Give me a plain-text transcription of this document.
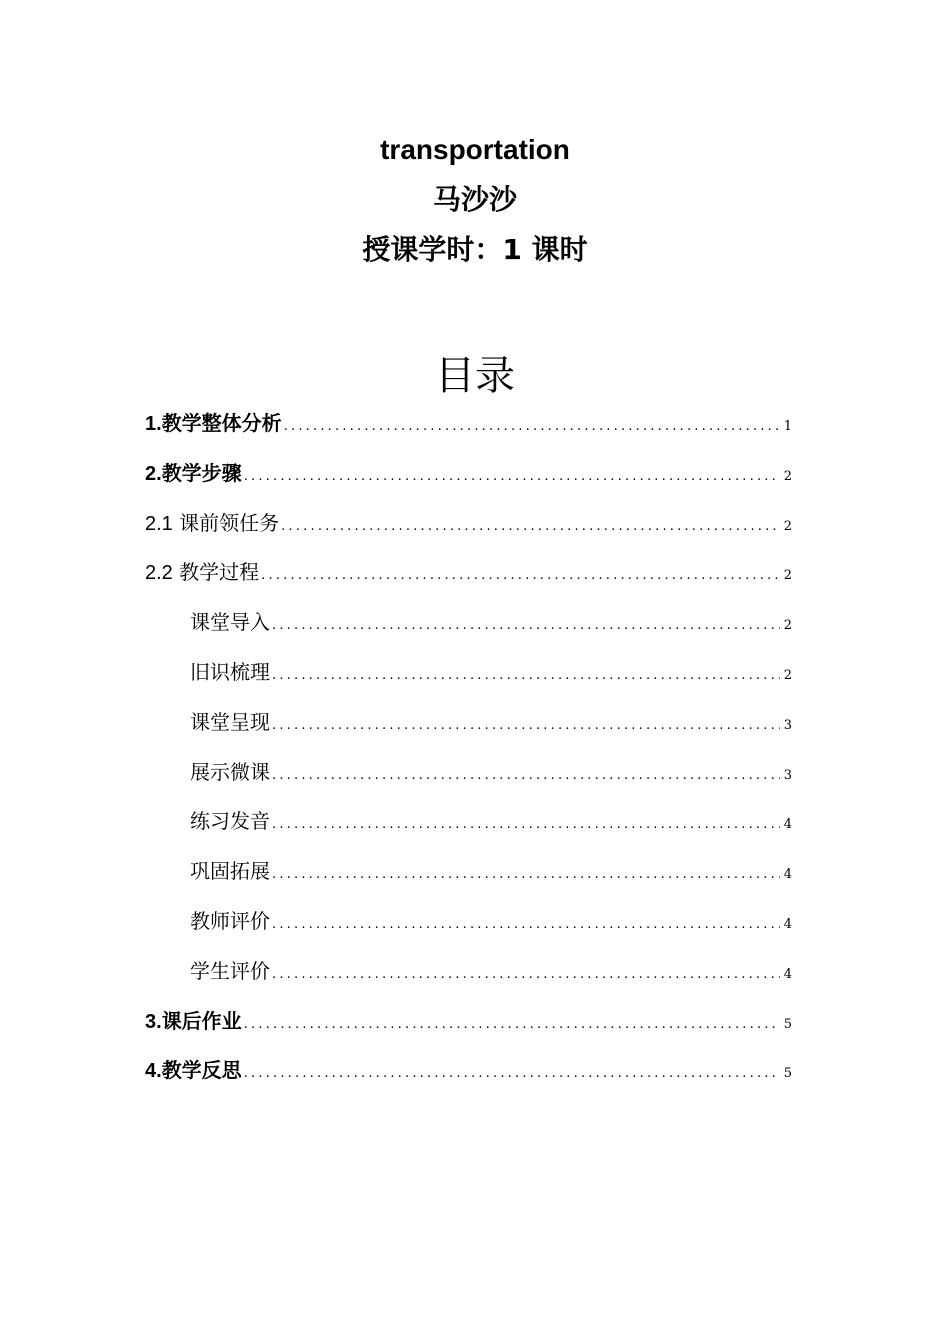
transportation
马沙沙
授课学时：1 课时
目录
1.教学整体分析 .....	1
2.教学步骤 .....	2
2.1 课前领任务 .....	2
2.2 教学过程 .....	2
课堂导入 .....	2
旧识梳理 .....	2
课堂呈现 .....	3
展示微课 .....	3
练习发音 .....	4
巩固拓展 .....	4
教师评价 .....	4
学生评价 .....	4
3.课后作业 .....	5
4.教学反思 .....	5
